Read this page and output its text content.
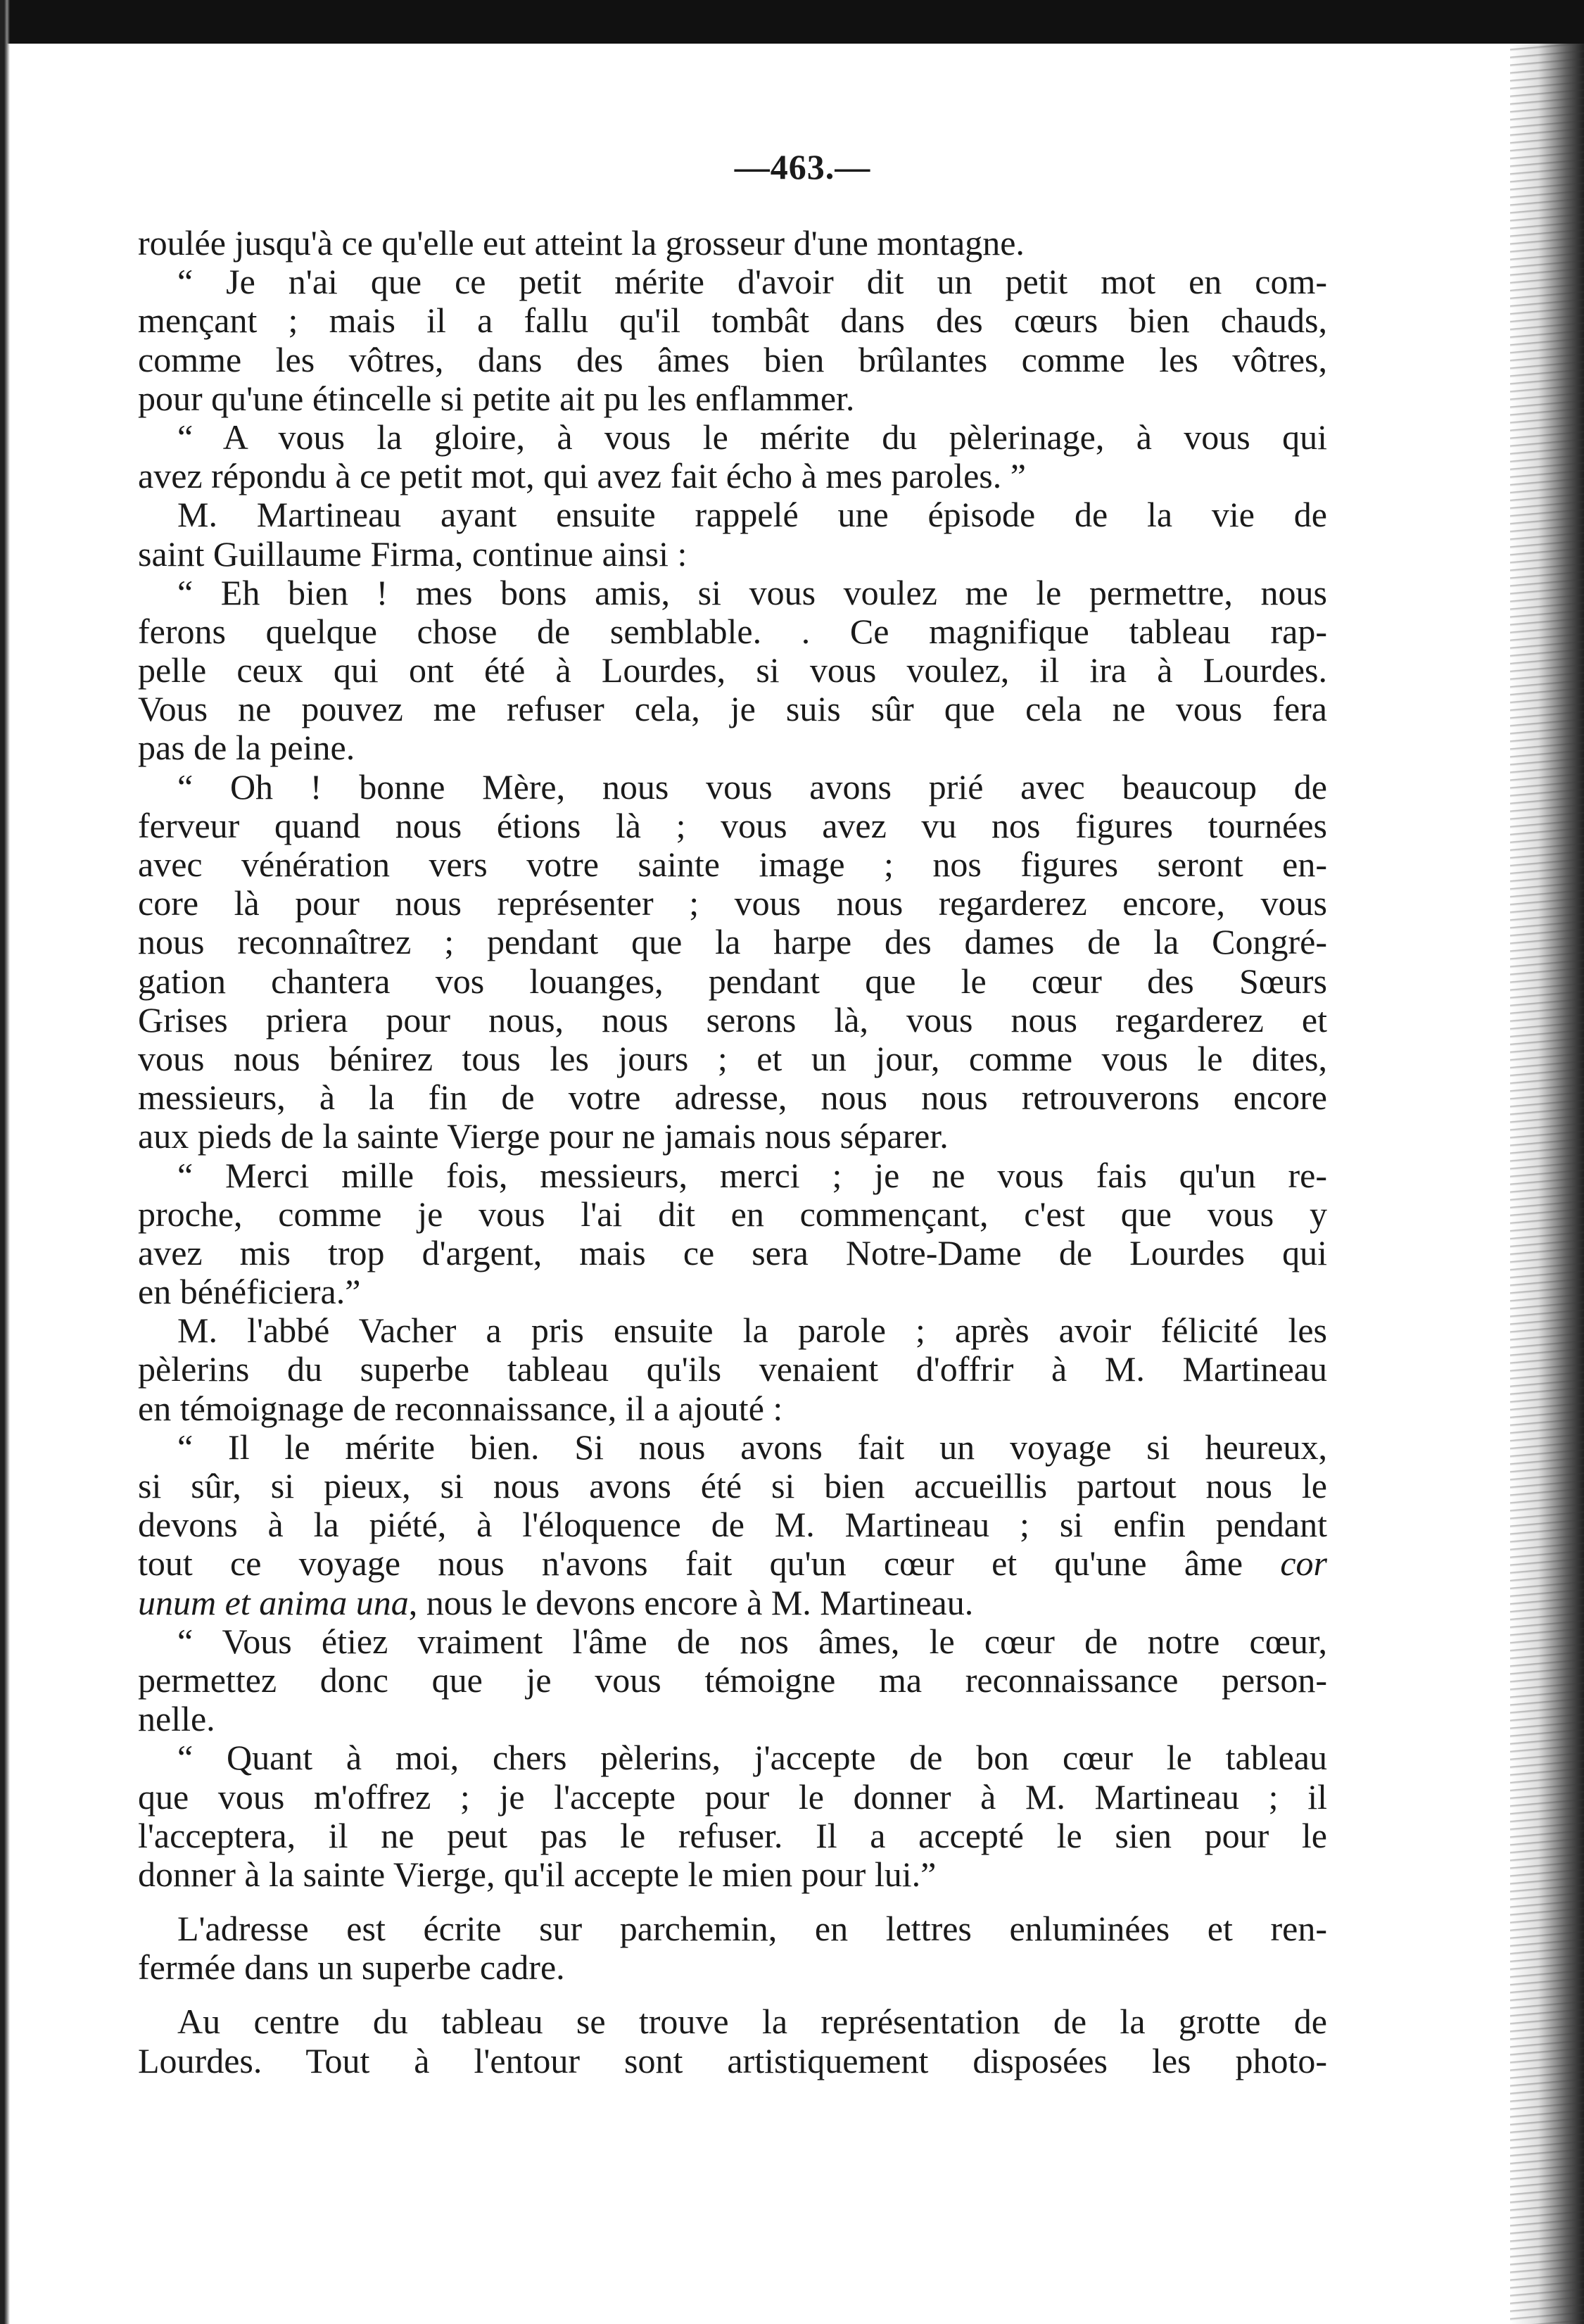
—463.—
roulée jusqu'à ce qu'elle eut atteint la grosseur d'une montagne.
“ Je n'ai que ce petit mérite d'avoir dit un petit mot en com-
mençant ; mais il a fallu qu'il tombât dans des cœurs bien chauds,
comme les vôtres, dans des âmes bien brûlantes comme les vôtres,
pour qu'une étincelle si petite ait pu les enflammer.
“ A vous la gloire, à vous le mérite du pèlerinage, à vous qui
avez répondu à ce petit mot, qui avez fait écho à mes paroles. ”
M. Martineau ayant ensuite rappelé une épisode de la vie de
saint Guillaume Firma, continue ainsi :
“ Eh bien ! mes bons amis, si vous voulez me le permettre, nous
ferons quelque chose de semblable. . Ce magnifique tableau rap-
pelle ceux qui ont été à Lourdes, si vous voulez, il ira à Lourdes.
Vous ne pouvez me refuser cela, je suis sûr que cela ne vous fera
pas de la peine.
“ Oh ! bonne Mère, nous vous avons prié avec beaucoup de
ferveur quand nous étions là ; vous avez vu nos figures tournées
avec vénération vers votre sainte image ; nos figures seront en-
core là pour nous représenter ; vous nous regarderez encore, vous
nous reconnaîtrez ; pendant que la harpe des dames de la Congré-
gation chantera vos louanges, pendant que le cœur des Sœurs
Grises priera pour nous, nous serons là, vous nous regarderez et
vous nous bénirez tous les jours ; et un jour, comme vous le dites,
messieurs, à la fin de votre adresse, nous nous retrouverons encore
aux pieds de la sainte Vierge pour ne jamais nous séparer.
“ Merci mille fois, messieurs, merci ; je ne vous fais qu'un re-
proche, comme je vous l'ai dit en commençant, c'est que vous y
avez mis trop d'argent, mais ce sera Notre-Dame de Lourdes qui
en bénéficiera.”
M. l'abbé Vacher a pris ensuite la parole ; après avoir félicité les
pèlerins du superbe tableau qu'ils venaient d'offrir à M. Martineau
en témoignage de reconnaissance, il a ajouté :
“ Il le mérite bien. Si nous avons fait un voyage si heureux,
si sûr, si pieux, si nous avons été si bien accueillis partout nous le
devons à la piété, à l'éloquence de M. Martineau ; si enfin pendant
tout ce voyage nous n'avons fait qu'un cœur et qu'une âme cor
unum et anima una, nous le devons encore à M. Martineau.
“ Vous étiez vraiment l'âme de nos âmes, le cœur de notre cœur,
permettez donc que je vous témoigne ma reconnaissance person-
nelle.
“ Quant à moi, chers pèlerins, j'accepte de bon cœur le tableau
que vous m'offrez ; je l'accepte pour le donner à M. Martineau ; il
l'acceptera, il ne peut pas le refuser. Il a accepté le sien pour le
donner à la sainte Vierge, qu'il accepte le mien pour lui.”
L'adresse est écrite sur parchemin, en lettres enluminées et ren-
fermée dans un superbe cadre.
Au centre du tableau se trouve la représentation de la grotte de
Lourdes. Tout à l'entour sont artistiquement disposées les photo-
